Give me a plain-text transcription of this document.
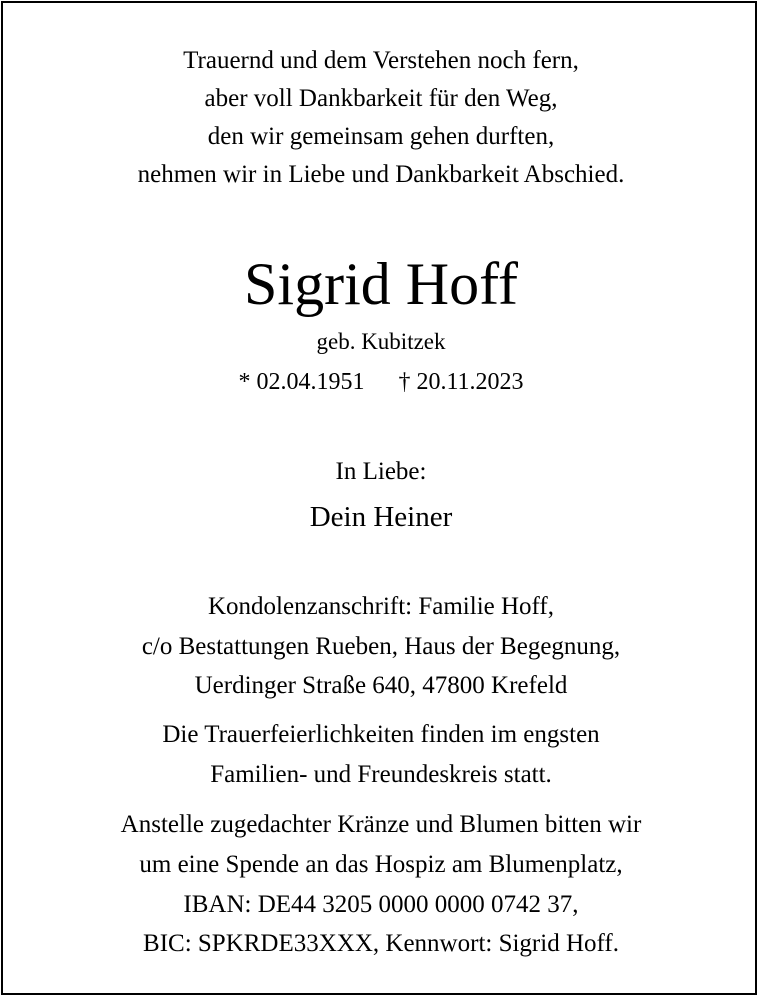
Trauernd und dem Verstehen noch fern,
aber voll Dankbarkeit für den Weg,
den wir gemeinsam gehen durften,
nehmen wir in Liebe und Dankbarkeit Abschied.
Sigrid Hoff
geb. Kubitzek
* 02.04.1951 † 20.11.2023
In Liebe:
Dein Heiner
Kondolenzanschrift: Familie Hoff,
c/o Bestattungen Rueben, Haus der Begegnung,
Uerdinger Straße 640, 47800 Krefeld
Die Trauerfeierlichkeiten finden im engsten
Familien- und Freundeskreis statt.
Anstelle zugedachter Kränze und Blumen bitten wir
um eine Spende an das Hospiz am Blumenplatz,
IBAN: DE44 3205 0000 0000 0742 37,
BIC: SPKRDE33XXX, Kennwort: Sigrid Hoff.
